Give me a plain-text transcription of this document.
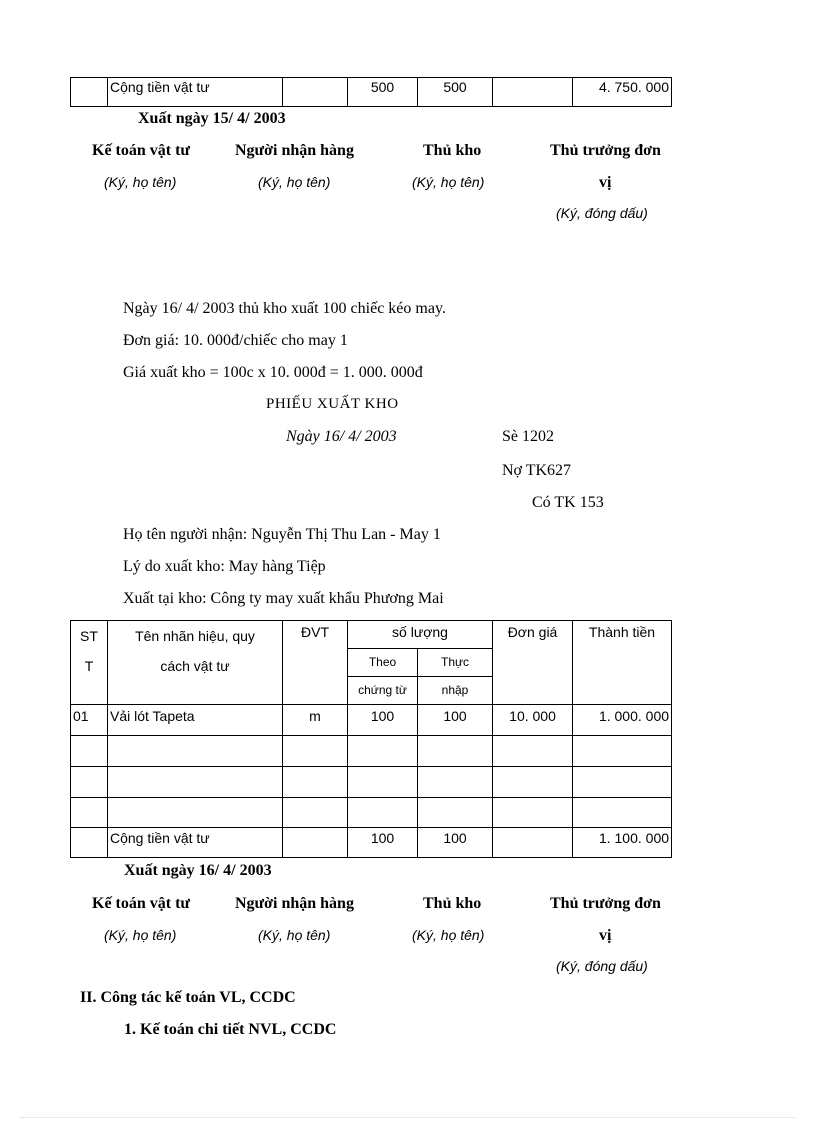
	Cộng tiền vật tư		500	500		4. 750. 000
Xuất ngày 15/ 4/ 2003
Kế toán vật tư	Người nhận hàng	Thủ kho	Thủ trưởng đơn
(Ký, họ tên)	(Ký, họ tên)	(Ký, họ tên)	vị
(Ký, đóng dấu)
Ngày 16/ 4/ 2003 thủ kho xuất 100 chiếc kéo may.
Đơn giá: 10. 000đ/chiếc cho may 1
Giá xuất kho = 100c x 10. 000đ = 1. 000. 000đ
PHIẾU XUẤT KHO
Ngày 16/ 4/ 2003	Sè 1202
Nợ TK627
Có TK 153
Họ tên người nhận: Nguyễn Thị Thu Lan - May 1
Lý do xuất kho: May hàng Tiệp
Xuất tại kho: Công ty may xuất khẩu Phương Mai
ST
T	Tên nhãn hiệu, quy
cách vật tư	ĐVT	số lượng		Đơn giá	Thành tiền
			Theo	Thực		
			chứng từ	nhập		
01	Vải lót Tapeta	m	100	100	10. 000	1. 000. 000

	Cộng tiền vật tư		100	100		1. 100. 000
Xuất ngày 16/ 4/ 2003
Kế toán vật tư	Người nhận hàng	Thủ kho	Thủ trưởng đơn
(Ký, họ tên)	(Ký, họ tên)	(Ký, họ tên)	vị
(Ký, đóng dấu)
II. Công tác kế toán VL, CCDC
1. Kế toán chi tiết NVL, CCDC
